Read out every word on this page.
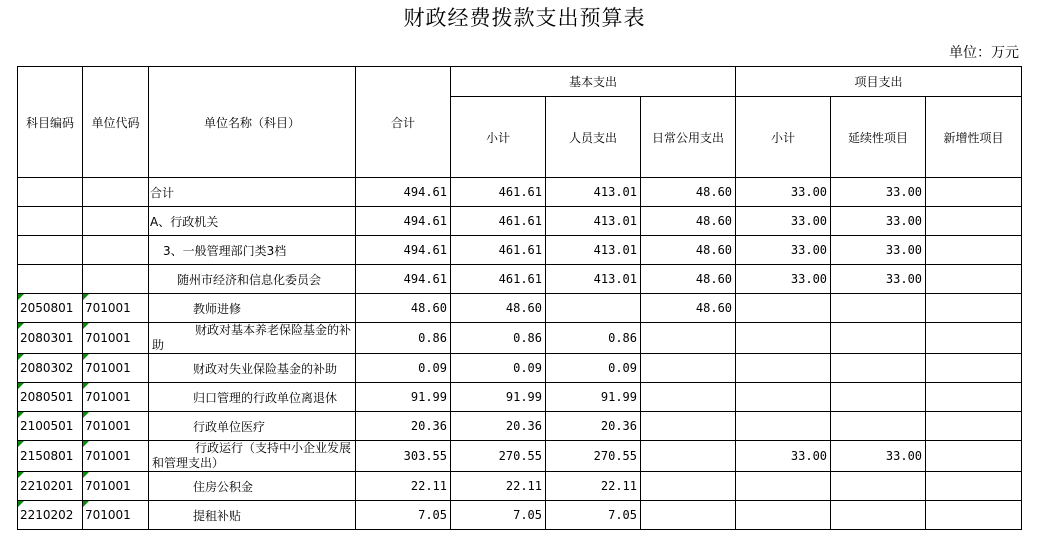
财政经费拨款支出预算表
单位：万元
科目编码	单位代码	单位名称（科目）	合计	基本支出			项目支出		
				小计	人员支出	日常公用支出	小计	延续性项目	新增性项目
		合计	494.61	461.61	413.01	48.60	33.00	33.00	
		A、行政机关	494.61	461.61	413.01	48.60	33.00	33.00	
		3、一般管理部门类3档	494.61	461.61	413.01	48.60	33.00	33.00	
		随州市经济和信息化委员会	494.61	461.61	413.01	48.60	33.00	33.00	
2050801	701001	教师进修	48.60	48.60		48.60			
2080301	701001	财政对基本养老保险基金的补助	0.86	0.86	0.86				
2080302	701001	财政对失业保险基金的补助	0.09	0.09	0.09				
2080501	701001	归口管理的行政单位离退休	91.99	91.99	91.99				
2100501	701001	行政单位医疗	20.36	20.36	20.36				
2150801	701001	行政运行（支持中小企业发展和管理支出）	303.55	270.55	270.55		33.00	33.00	
2210201	701001	住房公积金	22.11	22.11	22.11				
2210202	701001	提租补贴	7.05	7.05	7.05				
